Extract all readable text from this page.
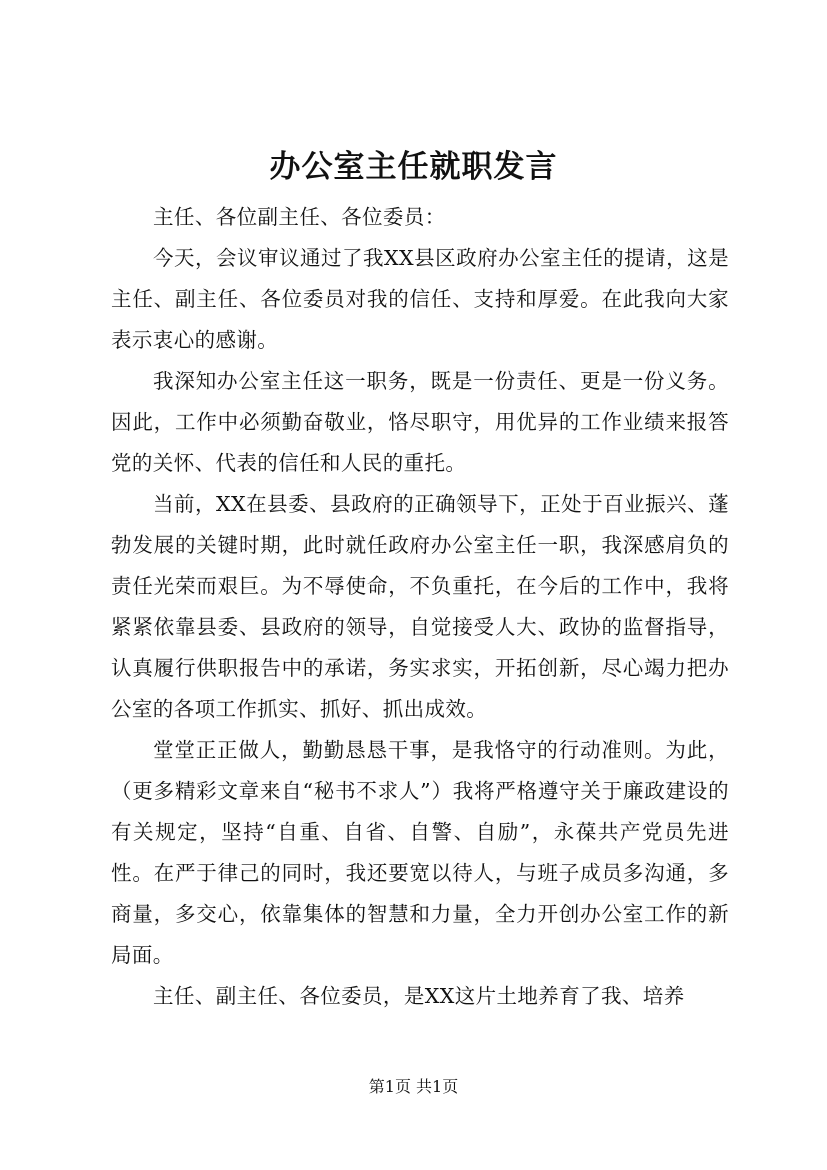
办公室主任就职发言

主任、各位副主任、各位委员：

今天，会议审议通过了我XX县区政府办公室主任的提请，这是主任、副主任、各位委员对我的信任、支持和厚爱。在此我向大家表示衷心的感谢。

我深知办公室主任这一职务，既是一份责任、更是一份义务。因此，工作中必须勤奋敬业，恪尽职守，用优异的工作业绩来报答党的关怀、代表的信任和人民的重托。

当前，XX在县委、县政府的正确领导下，正处于百业振兴、蓬勃发展的关键时期，此时就任政府办公室主任一职，我深感肩负的责任光荣而艰巨。为不辱使命，不负重托，在今后的工作中，我将紧紧依靠县委、县政府的领导，自觉接受人大、政协的监督指导，认真履行供职报告中的承诺，务实求实，开拓创新，尽心竭力把办公室的各项工作抓实、抓好、抓出成效。

堂堂正正做人，勤勤恳恳干事，是我恪守的行动准则。为此，（更多精彩文章来自“秘书不求人”）我将严格遵守关于廉政建设的有关规定，坚持“自重、自省、自警、自励”，永葆共产党员先进性。在严于律己的同时，我还要宽以待人，与班子成员多沟通，多商量，多交心，依靠集体的智慧和力量，全力开创办公室工作的新局面。

主任、副主任、各位委员，是XX这片土地养育了我、培养

第1页 共1页
